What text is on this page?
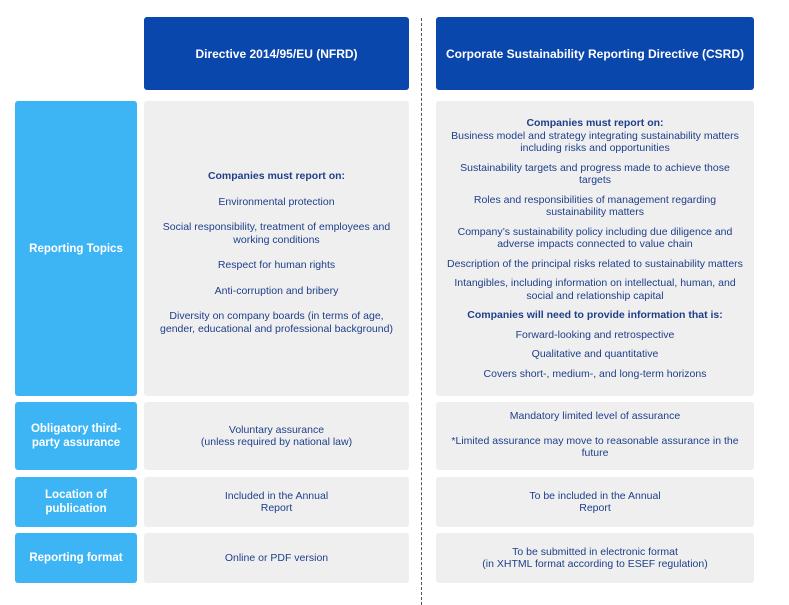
Directive 2014/95/EU (NFRD)	Corporate Sustainability Reporting Directive (CSRD)
Reporting Topics

Companies must report on:

Environmental protection

Social responsibility, treatment of employees and working conditions

Respect for human rights

Anti-corruption and bribery

Diversity on company boards (in terms of age, gender, educational and professional background)

Companies must report on:

Business model and strategy integrating sustainability matters including risks and opportunities

Sustainability targets and progress made to achieve those targets

Roles and responsibilities of management regarding sustainability matters

Company’s sustainability policy including due diligence and adverse impacts connected to value chain

Description of the principal risks related to sustainability matters

Intangibles, including information on intellectual, human, and social and relationship capital

Companies will need to provide information that is:

Forward-looking and retrospective

Qualitative and quantitative

Covers short-, medium-, and long-term horizons

Obligatory third-party assurance

Voluntary assurance

(unless required by national law)

Mandatory limited level of assurance

*Limited assurance may move to reasonable assurance in the future

Location of publication

Included in the Annual

Report

To be included in the Annual

Report

Reporting format	Online or PDF version

To be submitted in electronic format

(in XHTML format according to ESEF regulation)
